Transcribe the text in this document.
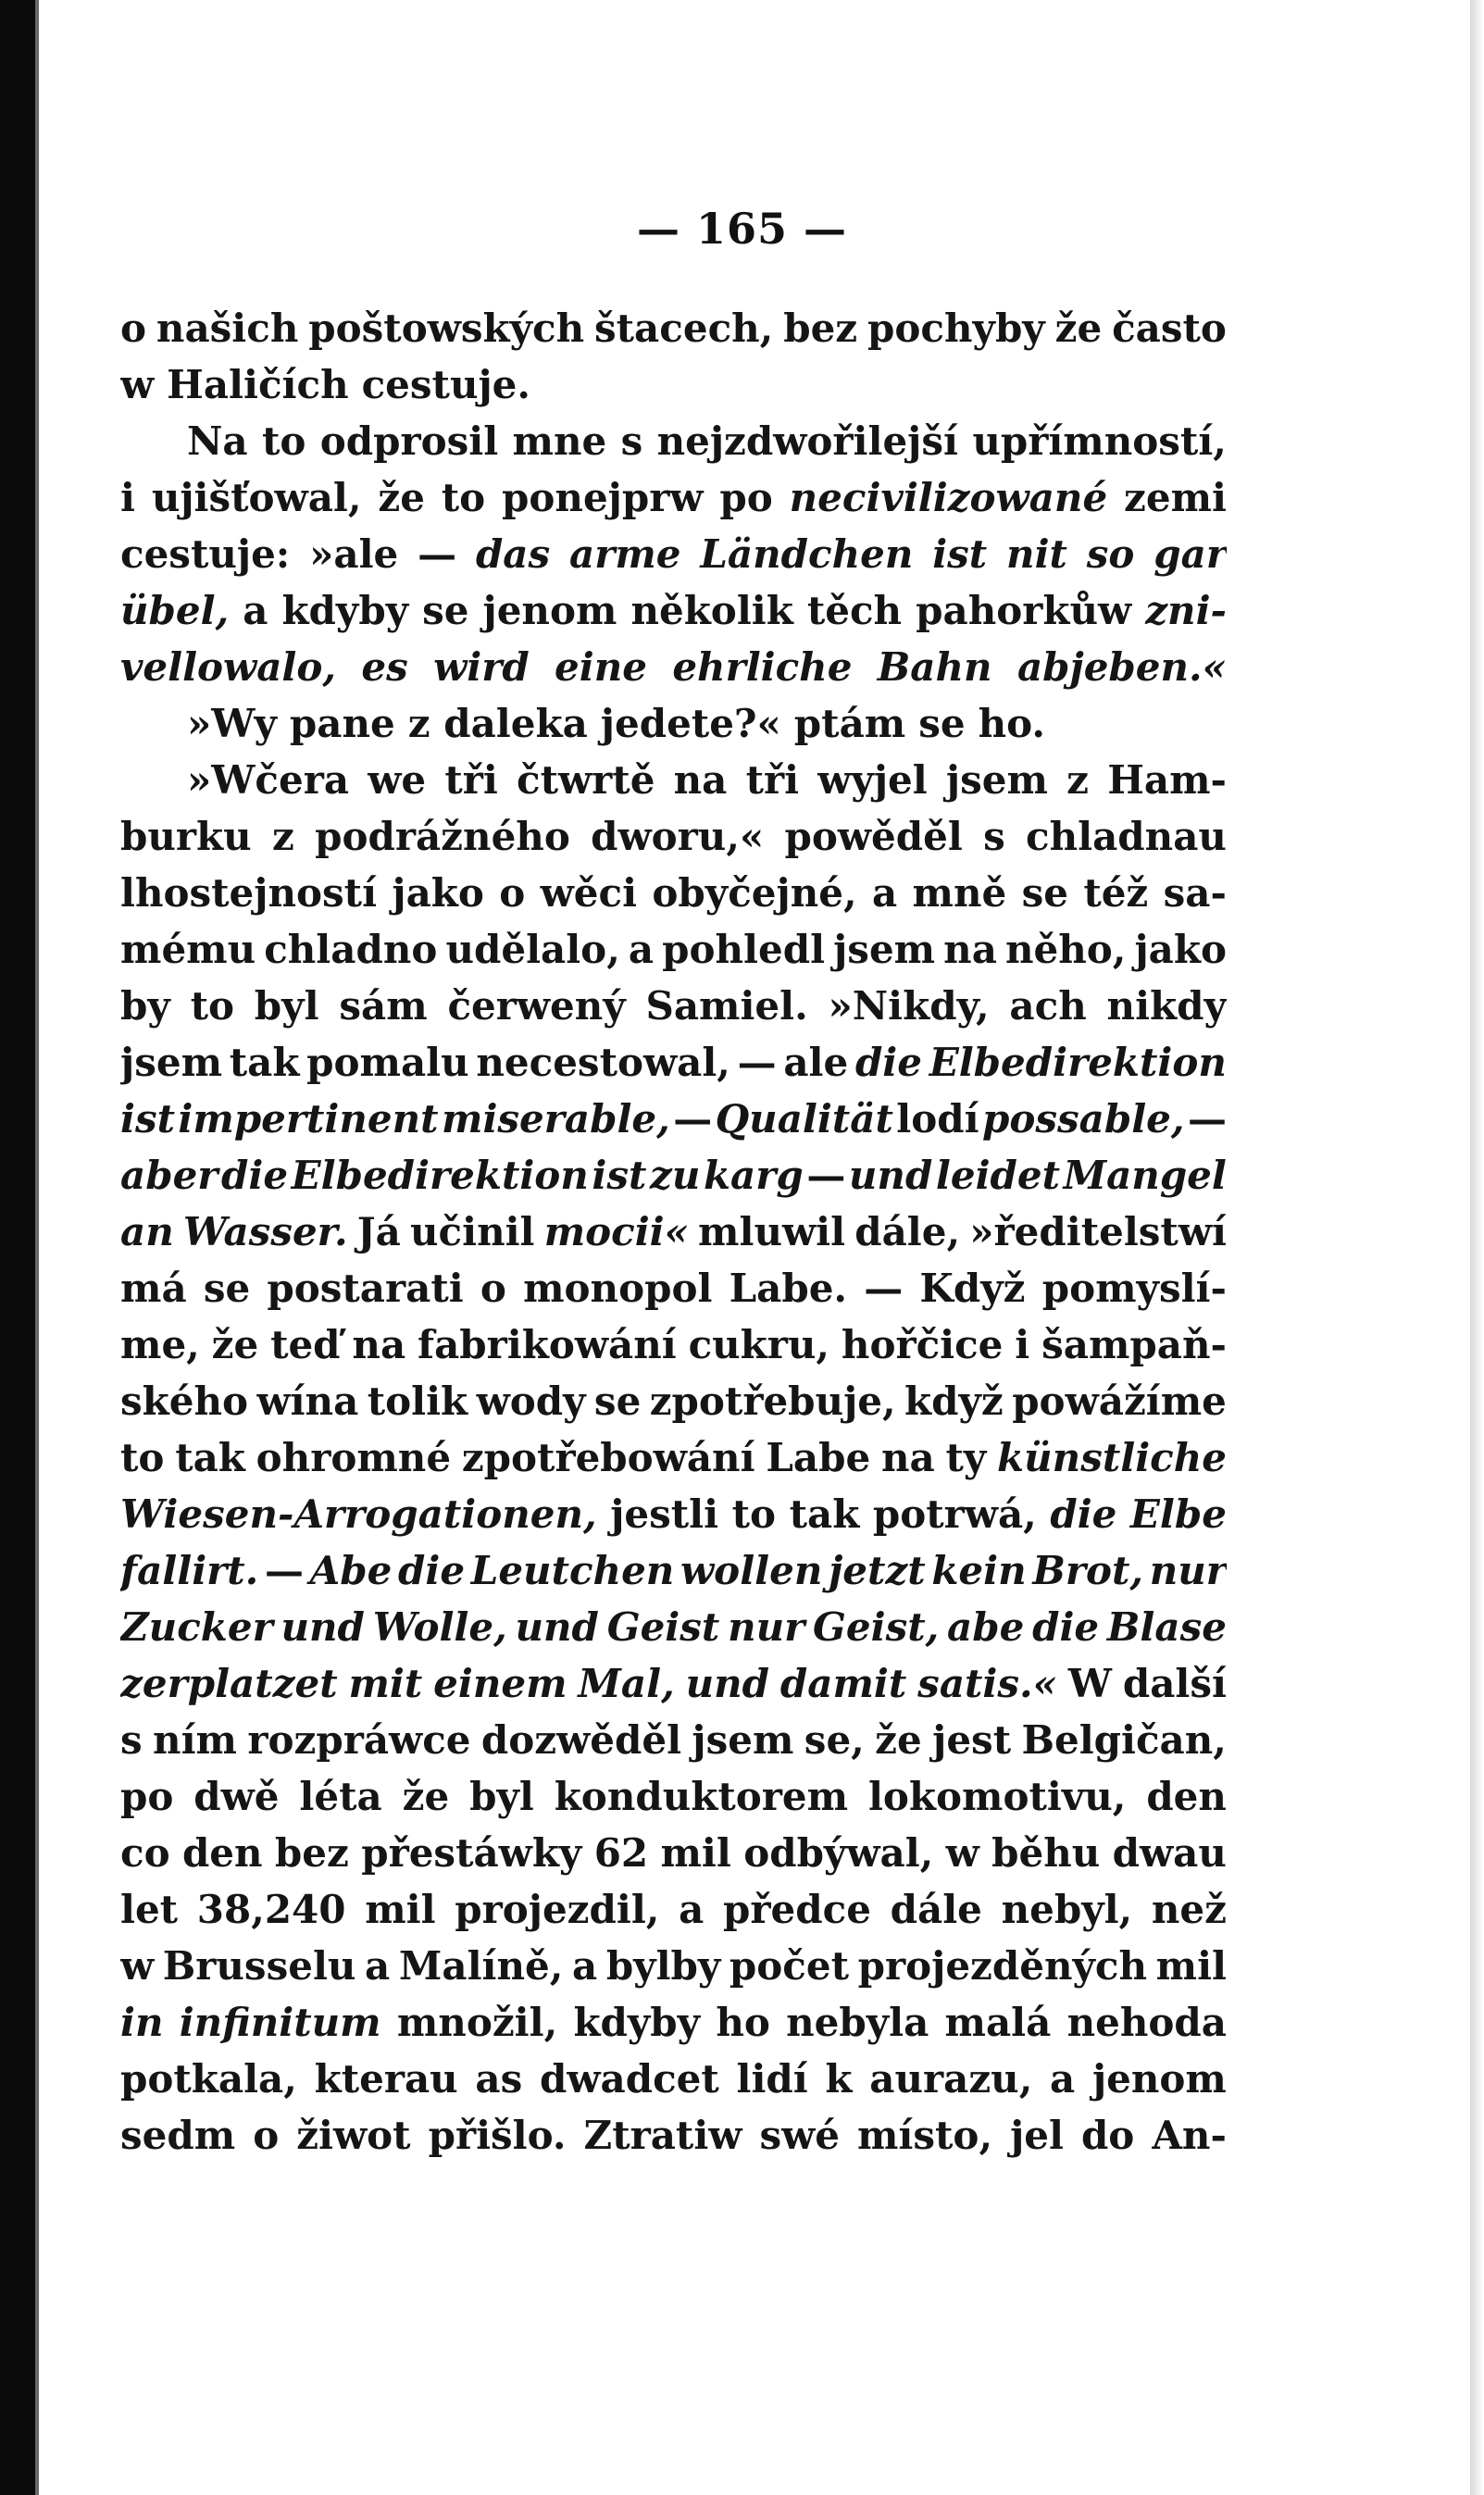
— 165 —
o našich poštowských štacech, bez pochyby že často
w Haličích cestuje.
Na to odprosil mne s nejzdwořilejší upřímností,
i ujišťowal, že to ponejprw po necivilizowané zemi
cestuje: »ale — das arme Ländchen ist nit so gar
übel, a kdyby se jenom několik těch pahorkůw zni-
vellowalo, es wird eine ehrliche Bahn abjeben.«
»Wy pane z daleka jedete?« ptám se ho.
»Wčera we tři čtwrtě na tři wyjel jsem z Ham-
burku z podrážného dworu,« powěděl s chladnau
lhostejností jako o wěci obyčejné, a mně se též sa-
mému chladno udělalo, a pohledl jsem na něho, jako
by to byl sám čerwený Samiel. »Nikdy, ach nikdy
jsem tak pomalu necestowal, — ale die Elbedirektion
ist impertinent miserable, — Qualität lodí possable, —
aber die Elbedirektion ist zu karg — und leidet Mangel
an Wasser. Já učinil mocii« mluwil dále, »ředitelstwí
má se postarati o monopol Labe. — Když pomyslí-
me, že teď na fabrikowání cukru, hořčice i šampaň-
ského wína tolik wody se zpotřebuje, když powážíme
to tak ohromné zpotřebowání Labe na ty künstliche
Wiesen-Arrogationen, jestli to tak potrwá, die Elbe
fallirt. — Abe die Leutchen wollen jetzt kein Brot, nur
Zucker und Wolle, und Geist nur Geist, abe die Blase
zerplatzet mit einem Mal, und damit satis.« W další
s ním rozpráwce dozwěděl jsem se, že jest Belgičan,
po dwě léta že byl konduktorem lokomotivu, den
co den bez přestáwky 62 mil odbýwal, w běhu dwau
let 38,240 mil projezdil, a předce dále nebyl, než
w Brusselu a Malíně, a bylby počet projezděných mil
in infinitum množil, kdyby ho nebyla malá nehoda
potkala, kterau as dwadcet lidí k aurazu, a jenom
sedm o žiwot přišlo. Ztratiw swé místo, jel do An-
